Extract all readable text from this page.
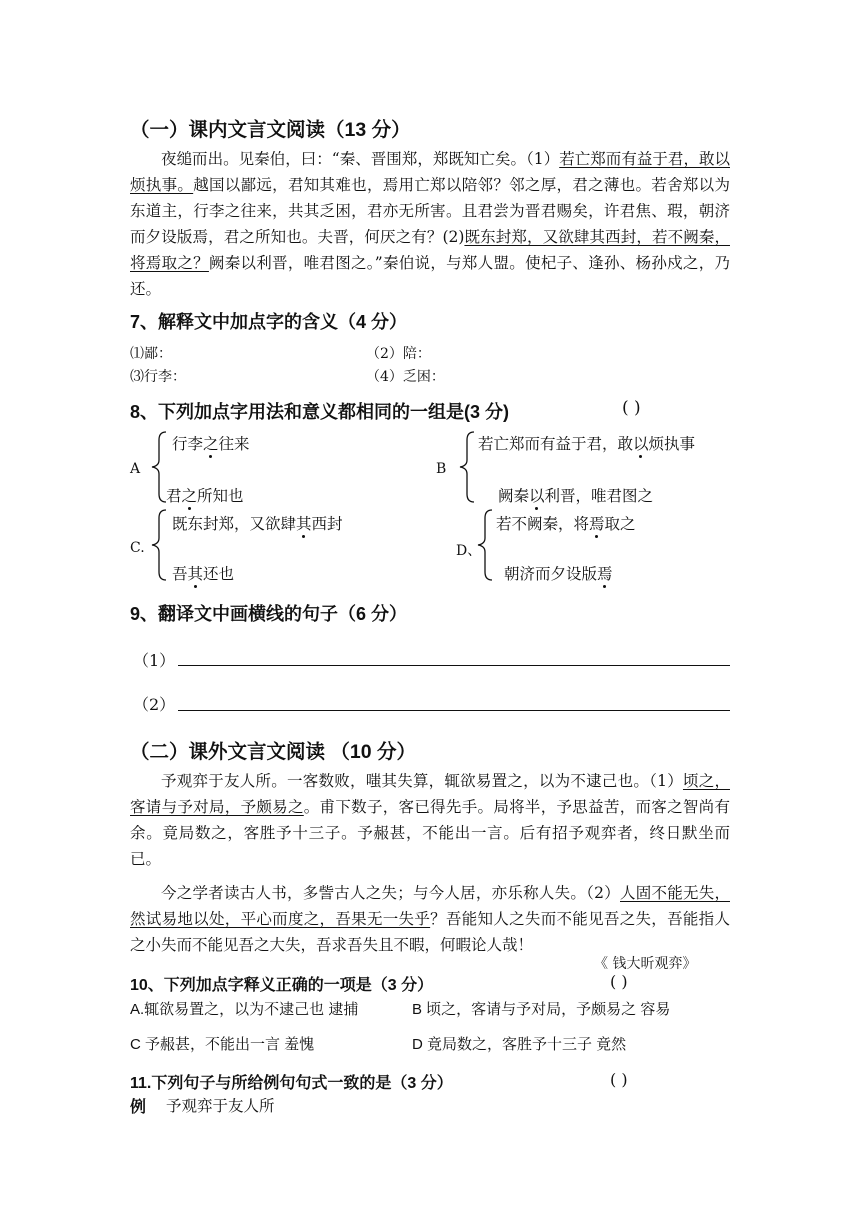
（一）课内文言文阅读（13 分）
夜缒而出。见秦伯，曰：“秦、晋围郑，郑既知亡矣。（1）若亡郑而有益于君，敢以烦执事。越国以鄙远，君知其难也，焉用亡郑以陪邻？邻之厚，君之薄也。若舍郑以为东道主，行李之往来，共其乏困，君亦无所害。且君尝为晋君赐矣，许君焦、瑕，朝济而夕设版焉，君之所知也。夫晋，何厌之有？(2)既东封郑，又欲肆其西封，若不阙秦，将焉取之？阙秦以利晋，唯君图之。”秦伯说，与郑人盟。使杞子、逢孙、杨孙戍之，乃还。
7、解释文中加点字的含义（4 分）
⑴鄙：	（2）陪：
⑶行李：	（4）乏困：
8、下列加点字用法和意义都相同的一组是(3 分)	( )
A
行李之往来
君之所知也
B
若亡郑而有益于君，敢以烦执事
阙秦以利晋，唯君图之
C.
既东封郑，又欲肆其西封
吾其还也
D、
若不阙秦，将焉取之
朝济而夕设版焉
9、翻译文中画横线的句子（6 分）
（1）
（2）
（二）课外文言文阅读 （10 分）
予观弈于友人所。一客数败，嗤其失算，辄欲易置之，以为不逮己也。（1）顷之，客请与予对局，予颇易之。甫下数子，客已得先手。局将半，予思益苦，而客之智尚有余。竟局数之，客胜予十三子。予赧甚，不能出一言。后有招予观弈者，终日默坐而已。
今之学者读古人书，多訾古人之失；与今人居，亦乐称人失。（2）人固不能无失，然试易地以处，平心而度之，吾果无一失乎？吾能知人之失而不能见吾之失，吾能指人之小失而不能见吾之大失，吾求吾失且不暇，何暇论人哉！
《 钱大昕观弈》
10、下列加点字释义正确的一项是（3 分）	( )
A.辄欲易置之，以为不逮己也 逮捕	B 顷之，客请与予对局，予颇易之 容易
C 予赧甚，不能出一言 羞愧	D 竟局数之，客胜予十三子 竟然
11.下列句子与所给例句句式一致的是（3 分）	( )
例 予观弈于友人所
